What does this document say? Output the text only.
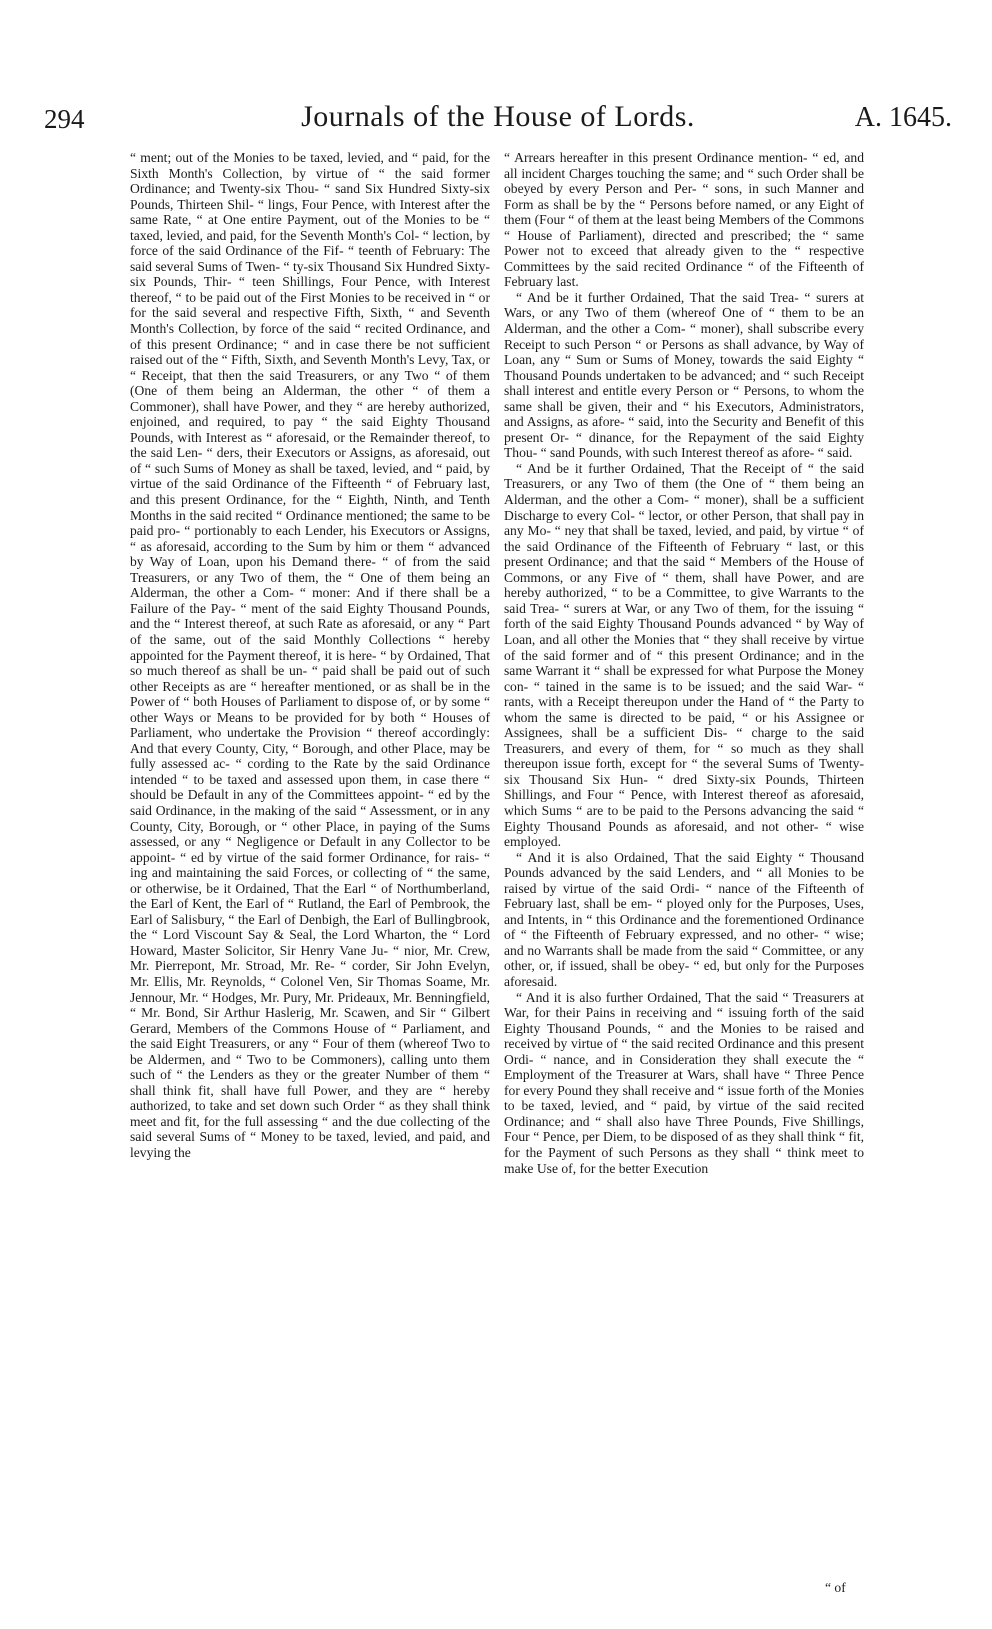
294	Journals of the House of Lords.	A. 1645.

“ ment; out of the Monies to be taxed, levied, and “ paid, for the Sixth Month's Collection, by virtue of “ the said former Ordinance; and Twenty-six Thou- “ sand Six Hundred Sixty-six Pounds, Thirteen Shil- “ lings, Four Pence, with Interest after the same Rate, “ at One entire Payment, out of the Monies to be “ taxed, levied, and paid, for the Seventh Month's Col- “ lection, by force of the said Ordinance of the Fif- “ teenth of February: The said several Sums of Twen- “ ty-six Thousand Six Hundred Sixty-six Pounds, Thir- “ teen Shillings, Four Pence, with Interest thereof, “ to be paid out of the First Monies to be received in “ or for the said several and respective Fifth, Sixth, “ and Seventh Month's Collection, by force of the said “ recited Ordinance, and of this present Ordinance; “ and in case there be not sufficient raised out of the “ Fifth, Sixth, and Seventh Month's Levy, Tax, or “ Receipt, that then the said Treasurers, or any Two “ of them (One of them being an Alderman, the other “ of them a Commoner), shall have Power, and they “ are hereby authorized, enjoined, and required, to pay “ the said Eighty Thousand Pounds, with Interest as “ aforesaid, or the Remainder thereof, to the said Len- “ ders, their Executors or Assigns, as aforesaid, out of “ such Sums of Money as shall be taxed, levied, and “ paid, by virtue of the said Ordinance of the Fifteenth “ of February last, and this present Ordinance, for the “ Eighth, Ninth, and Tenth Months in the said recited “ Ordinance mentioned; the same to be paid pro- “ portionably to each Lender, his Executors or Assigns, “ as aforesaid, according to the Sum by him or them “ advanced by Way of Loan, upon his Demand there- “ of from the said Treasurers, or any Two of them, the “ One of them being an Alderman, the other a Com- “ moner: And if there shall be a Failure of the Pay- “ ment of the said Eighty Thousand Pounds, and the “ Interest thereof, at such Rate as aforesaid, or any “ Part of the same, out of the said Monthly Collections “ hereby appointed for the Payment thereof, it is here- “ by Ordained, That so much thereof as shall be un- “ paid shall be paid out of such other Receipts as are “ hereafter mentioned, or as shall be in the Power of “ both Houses of Parliament to dispose of, or by some “ other Ways or Means to be provided for by both “ Houses of Parliament, who undertake the Provision “ thereof accordingly: And that every County, City, “ Borough, and other Place, may be fully assessed ac- “ cording to the Rate by the said Ordinance intended “ to be taxed and assessed upon them, in case there “ should be Default in any of the Committees appoint- “ ed by the said Ordinance, in the making of the said “ Assessment, or in any County, City, Borough, or “ other Place, in paying of the Sums assessed, or any “ Negligence or Default in any Collector to be appoint- “ ed by virtue of the said former Ordinance, for rais- “ ing and maintaining the said Forces, or collecting of “ the same, or otherwise, be it Ordained, That the Earl “ of Northumberland, the Earl of Kent, the Earl of “ Rutland, the Earl of Pembrook, the Earl of Salisbury, “ the Earl of Denbigh, the Earl of Bullingbrook, the “ Lord Viscount Say & Seal, the Lord Wharton, the “ Lord Howard, Master Solicitor, Sir Henry Vane Ju- “ nior, Mr. Crew, Mr. Pierrepont, Mr. Stroad, Mr. Re- “ corder, Sir John Evelyn, Mr. Ellis, Mr. Reynolds, “ Colonel Ven, Sir Thomas Soame, Mr. Jennour, Mr. “ Hodges, Mr. Pury, Mr. Prideaux, Mr. Benningfield, “ Mr. Bond, Sir Arthur Haslerig, Mr. Scawen, and Sir “ Gilbert Gerard, Members of the Commons House of “ Parliament, and the said Eight Treasurers, or any “ Four of them (whereof Two to be Aldermen, and “ Two to be Commoners), calling unto them such of “ the Lenders as they or the greater Number of them “ shall think fit, shall have full Power, and they are “ hereby authorized, to take and set down such Order “ as they shall think meet and fit, for the full assessing “ and the due collecting of the said several Sums of “ Money to be taxed, levied, and paid, and levying the

“ Arrears hereafter in this present Ordinance mention- “ ed, and all incident Charges touching the same; and “ such Order shall be obeyed by every Person and Per- “ sons, in such Manner and Form as shall be by the “ Persons before named, or any Eight of them (Four “ of them at the least being Members of the Commons “ House of Parliament), directed and prescribed; the “ same Power not to exceed that already given to the “ respective Committees by the said recited Ordinance “ of the Fifteenth of February last.

“ And be it further Ordained, That the said Trea- “ surers at Wars, or any Two of them (whereof One of “ them to be an Alderman, and the other a Com- “ moner), shall subscribe every Receipt to such Person “ or Persons as shall advance, by Way of Loan, any “ Sum or Sums of Money, towards the said Eighty “ Thousand Pounds undertaken to be advanced; and “ such Receipt shall interest and entitle every Person or “ Persons, to whom the same shall be given, their and “ his Executors, Administrators, and Assigns, as afore- “ said, into the Security and Benefit of this present Or- “ dinance, for the Repayment of the said Eighty Thou- “ sand Pounds, with such Interest thereof as afore- “ said.

“ And be it further Ordained, That the Receipt of “ the said Treasurers, or any Two of them (the One of “ them being an Alderman, and the other a Com- “ moner), shall be a sufficient Discharge to every Col- “ lector, or other Person, that shall pay in any Mo- “ ney that shall be taxed, levied, and paid, by virtue “ of the said Ordinance of the Fifteenth of February “ last, or this present Ordinance; and that the said “ Members of the House of Commons, or any Five of “ them, shall have Power, and are hereby authorized, “ to be a Committee, to give Warrants to the said Trea- “ surers at War, or any Two of them, for the issuing “ forth of the said Eighty Thousand Pounds advanced “ by Way of Loan, and all other the Monies that “ they shall receive by virtue of the said former and of “ this present Ordinance; and in the same Warrant it “ shall be expressed for what Purpose the Money con- “ tained in the same is to be issued; and the said War- “ rants, with a Receipt thereupon under the Hand of “ the Party to whom the same is directed to be paid, “ or his Assignee or Assignees, shall be a sufficient Dis- “ charge to the said Treasurers, and every of them, for “ so much as they shall thereupon issue forth, except for “ the several Sums of Twenty-six Thousand Six Hun- “ dred Sixty-six Pounds, Thirteen Shillings, and Four “ Pence, with Interest thereof as aforesaid, which Sums “ are to be paid to the Persons advancing the said “ Eighty Thousand Pounds as aforesaid, and not other- “ wise employed.

“ And it is also Ordained, That the said Eighty “ Thousand Pounds advanced by the said Lenders, and “ all Monies to be raised by virtue of the said Ordi- “ nance of the Fifteenth of February last, shall be em- “ ployed only for the Purposes, Uses, and Intents, in “ this Ordinance and the forementioned Ordinance of “ the Fifteenth of February expressed, and no other- “ wise; and no Warrants shall be made from the said “ Committee, or any other, or, if issued, shall be obey- “ ed, but only for the Purposes aforesaid.

“ And it is also further Ordained, That the said “ Treasurers at War, for their Pains in receiving and “ issuing forth of the said Eighty Thousand Pounds, “ and the Monies to be raised and received by virtue of “ the said recited Ordinance and this present Ordi- “ nance, and in Consideration they shall execute the “ Employment of the Treasurer at Wars, shall have “ Three Pence for every Pound they shall receive and “ issue forth of the Monies to be taxed, levied, and “ paid, by virtue of the said recited Ordinance; and “ shall also have Three Pounds, Five Shillings, Four “ Pence, per Diem, to be disposed of as they shall think “ fit, for the Payment of such Persons as they shall “ think meet to make Use of, for the better Execution

“ of
